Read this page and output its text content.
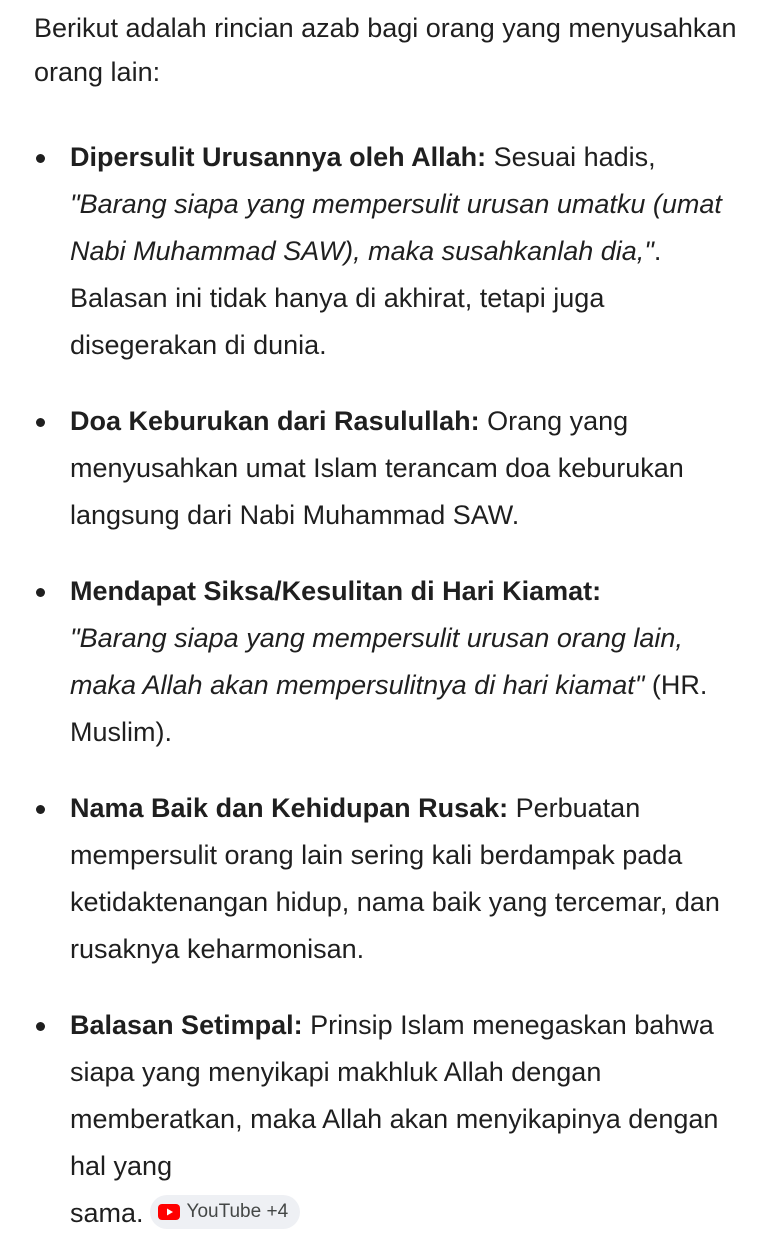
Berikut adalah rincian azab bagi orang yang menyusahkan orang lain:

Dipersulit Urusannya oleh Allah: Sesuai hadis, "Barang siapa yang mempersulit urusan umatku (umat Nabi Muhammad SAW), maka susahkanlah dia,". Balasan ini tidak hanya di akhirat, tetapi juga disegerakan di dunia.
Doa Keburukan dari Rasulullah: Orang yang menyusahkan umat Islam terancam doa keburukan langsung dari Nabi Muhammad SAW.
Mendapat Siksa/Kesulitan di Hari Kiamat:
"Barang siapa yang mempersulit urusan orang lain, maka Allah akan mempersulitnya di hari kiamat" (HR. Muslim).
Nama Baik dan Kehidupan Rusak: Perbuatan mempersulit orang lain sering kali berdampak pada ketidaktenangan hidup, nama baik yang tercemar, dan rusaknya keharmonisan.
Balasan Setimpal: Prinsip Islam menegaskan bahwa siapa yang menyikapi makhluk Allah dengan memberatkan, maka Allah akan menyikapinya dengan hal yang
sama. YouTube +4
